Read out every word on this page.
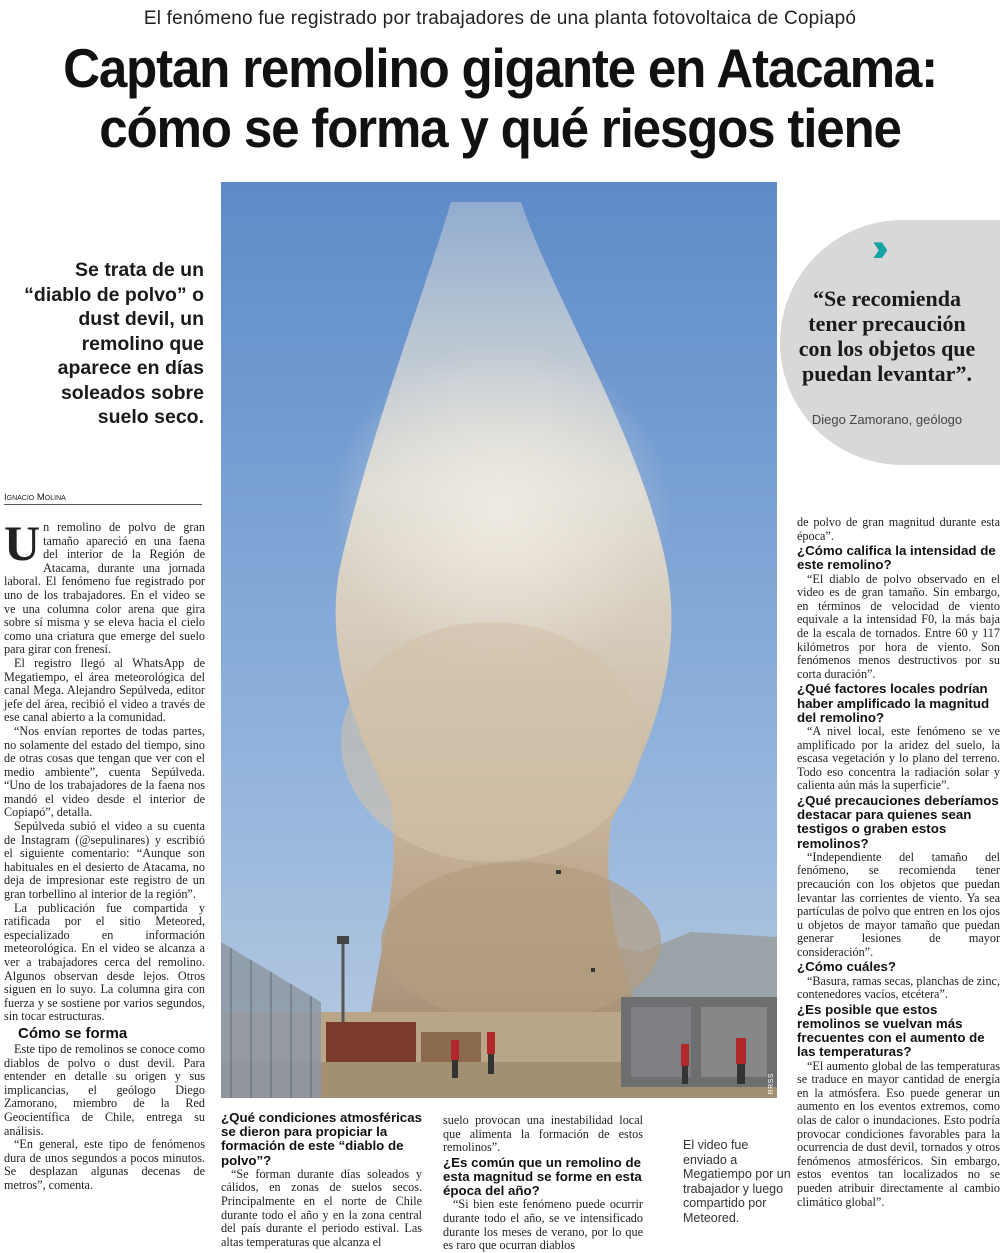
El fenómeno fue registrado por trabajadores de una planta fotovoltaica de Copiapó
Captan remolino gigante en Atacama:
cómo se forma y qué riesgos tiene
RRSS
Se trata de un “diablo de polvo” o dust devil, un remolino que aparece en días soleados sobre suelo seco.
Ignacio Molina
››
“Se recomienda tener precaución con los objetos que puedan levantar”.
Diego Zamorano, geólogo

Un remolino de polvo de gran tamaño apareció en una faena del interior de la Región de Atacama, durante una jornada laboral. El fenómeno fue registrado por uno de los trabajadores. En el video se ve una columna color arena que gira sobre sí misma y se eleva hacia el cielo como una criatura que emerge del suelo para girar con frenesí.

El registro llegó al WhatsApp de Megatiempo, el área meteorológica del canal Mega. Alejandro Sepúlveda, editor jefe del área, recibió el video a través de ese canal abierto a la comunidad.

“Nos envían reportes de todas partes, no solamente del estado del tiempo, sino de otras cosas que tengan que ver con el medio ambiente”, cuenta Sepúlveda. “Uno de los trabajadores de la faena nos mandó el video desde el interior de Copiapó”, detalla.

Sepúlveda subió el video a su cuenta de Instagram (@sepulinares) y escribió el siguiente comentario: “Aunque son habituales en el desierto de Atacama, no deja de impresionar este registro de un gran torbellino al interior de la región”.

La publicación fue compartida y ratificada por el sitio Meteored, especializado en información meteorológica. En el video se alcanza a ver a trabajadores cerca del remolino. Algunos observan desde lejos. Otros siguen en lo suyo. La columna gira con fuerza y se sostiene por varios segundos, sin tocar estructuras.

Cómo se forma

Este tipo de remolinos se conoce como diablos de polvo o dust devil. Para entender en detalle su origen y sus implicancias, el geólogo Diego Zamorano, miembro de la Red Geocientífica de Chile, entrega su análisis.

“En general, este tipo de fenómenos dura de unos segundos a pocos minutos. Se desplazan algunas decenas de metros”, comenta.

¿Qué condiciones atmosféricas se dieron para propiciar la formación de este “diablo de polvo”?

“Se forman durante días soleados y cálidos, en zonas de suelos secos. Principalmente en el norte de Chile durante todo el año y en la zona central del país durante el periodo estival. Las altas temperaturas que alcanza el

suelo provocan una inestabilidad local que alimenta la formación de estos remolinos”.

¿Es común que un remolino de esta magnitud se forme en esta época del año?

“Si bien este fenómeno puede ocurrir durante todo el año, se ve intensificado durante los meses de verano, por lo que es raro que ocurran diablos

El video fue enviado a Megatiempo por un trabajador y luego compartido por Meteored.

de polvo de gran magnitud durante esta época”.

¿Cómo califica la intensidad de este remolino?

“El diablo de polvo observado en el video es de gran tamaño. Sin embargo, en términos de velocidad de viento equivale a la intensidad F0, la más baja de la escala de tornados. Entre 60 y 117 kilómetros por hora de viento. Son fenómenos menos destructivos por su corta duración”.

¿Qué factores locales podrían haber amplificado la magnitud del remolino?

“A nivel local, este fenómeno se ve amplificado por la aridez del suelo, la escasa vegetación y lo plano del terreno. Todo eso concentra la radiación solar y calienta aún más la superficie”.

¿Qué precauciones deberíamos destacar para quienes sean testigos o graben estos remolinos?

“Independiente del tamaño del fenómeno, se recomienda tener precaución con los objetos que puedan levantar las corrientes de viento. Ya sea partículas de polvo que entren en los ojos u objetos de mayor tamaño que puedan generar lesiones de mayor consideración”.

¿Cómo cuáles?

“Basura, ramas secas, planchas de zinc, contenedores vacíos, etcétera”.

¿Es posible que estos remolinos se vuelvan más frecuentes con el aumento de las temperaturas?

“El aumento global de las temperaturas se traduce en mayor cantidad de energía en la atmósfera. Eso puede generar un aumento en los eventos extremos, como olas de calor o inundaciones. Esto podría provocar condiciones favorables para la ocurrencia de dust devil, tornados y otros fenómenos atmosféricos. Sin embargo, estos eventos tan localizados no se pueden atribuir directamente al cambio climático global”.
